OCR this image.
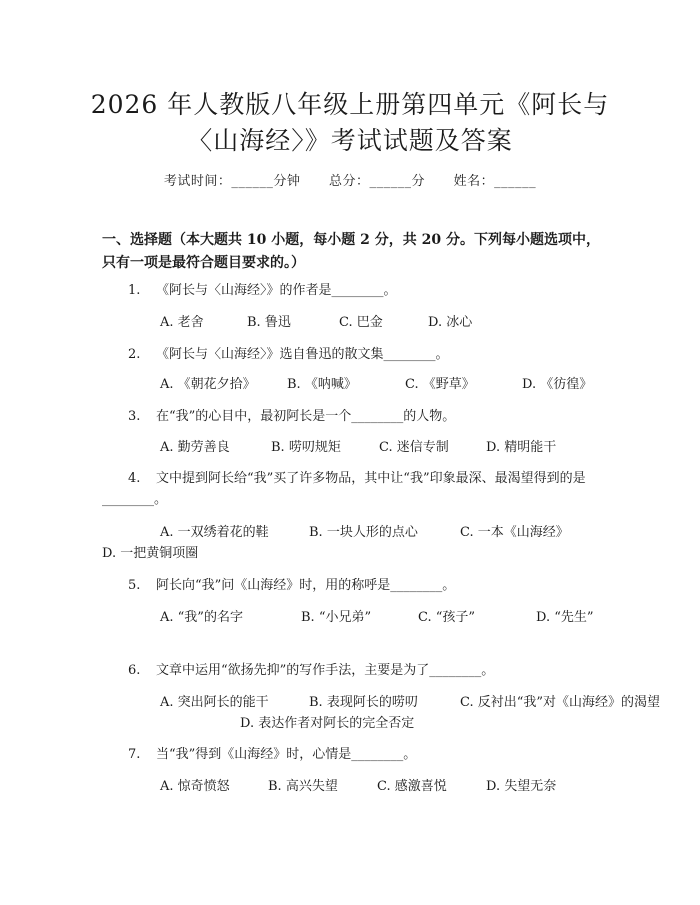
2026 年人教版八年级上册第四单元《阿长与
〈山海经〉》考试试题及答案
考试时间：______分钟 总分：______分 姓名：______
一、选择题（本大题共 10 小题，每小题 2 分，共 20 分。下列每小题选项中，只有一项是最符合题目要求的。）
1. 《阿长与〈山海经〉》的作者是________。
A. 老舍	B. 鲁迅	C. 巴金	D. 冰心
2. 《阿长与〈山海经〉》选自鲁迅的散文集________。
A. 《朝花夕拾》 B. 《呐喊》	C. 《野草》	D. 《彷徨》
3. 在“我”的心目中，最初阿长是一个________的人物。
A. 勤劳善良	B. 唠叨规矩	C. 迷信专制	D. 精明能干
4. 文中提到阿长给“我”买了许多物品，其中让“我”印象最深、最渴望得到的是________。
A. 一双绣着花的鞋	B. 一块人形的点心	C. 一本《山海经》
D. 一把黄铜项圈
5. 阿长向“我”问《山海经》时，用的称呼是________。
A. “我”的名字	B. “小兄弟”	C. “孩子”	D. “先生”
6. 文章中运用“欲扬先抑”的写作手法，主要是为了________。
A. 突出阿长的能干	B. 表现阿长的唠叨	C. 反衬出“我”对《山海经》的渴望
D. 表达作者对阿长的完全否定
7. 当“我”得到《山海经》时，心情是________。
A. 惊奇愤怒	B. 高兴失望	C. 感激喜悦	D. 失望无奈
